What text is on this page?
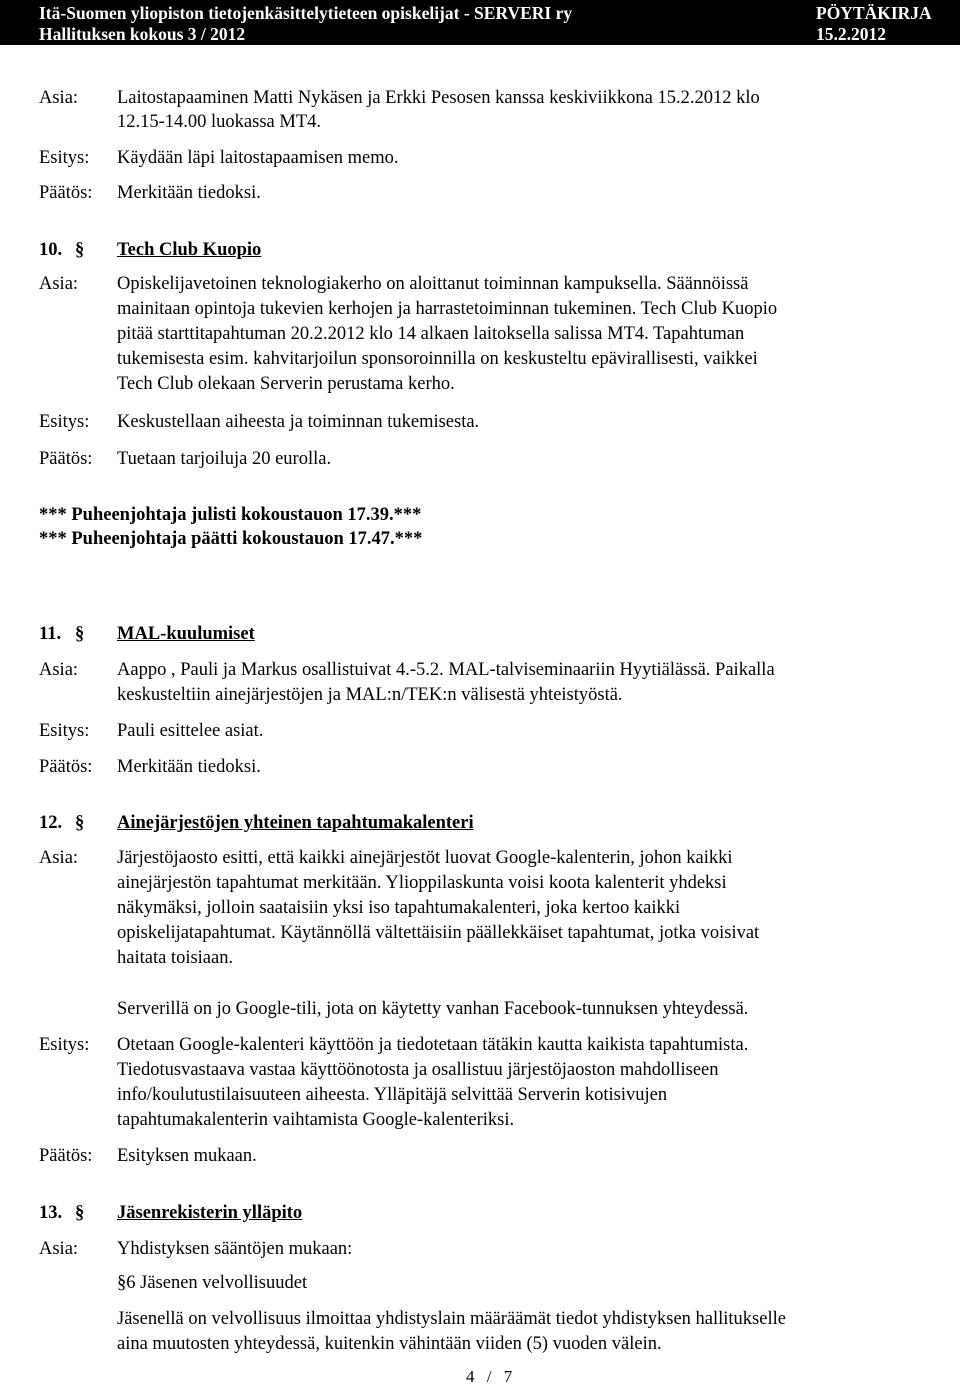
Itä-Suomen yliopiston tietojenkäsittelytieteen opiskelijat - SERVERI ry	PÖYTÄKIRJA
Hallituksen kokous 3 / 2012	15.2.2012
Asia: Laitostapaaminen Matti Nykäsen ja Erkki Pesosen kanssa keskiviikkona 15.2.2012 klo
12.15-14.00 luokassa MT4.
Esitys: Käydään läpi laitostapaamisen memo.
Päätös: Merkitään tiedoksi.
10. § Tech Club Kuopio
Asia: Opiskelijavetoinen teknologiakerho on aloittanut toiminnan kampuksella. Säännöissä
mainitaan opintoja tukevien kerhojen ja harrastetoiminnan tukeminen. Tech Club Kuopio
pitää starttitapahtuman 20.2.2012 klo 14 alkaen laitoksella salissa MT4. Tapahtuman
tukemisesta esim. kahvitarjoilun sponsoroinnilla on keskusteltu epävirallisesti, vaikkei
Tech Club olekaan Serverin perustama kerho.
Esitys: Keskustellaan aiheesta ja toiminnan tukemisesta.
Päätös: Tuetaan tarjoiluja 20 eurolla.
*** Puheenjohtaja julisti kokoustauon 17.39.***
*** Puheenjohtaja päätti kokoustauon 17.47.***
11. § MAL-kuulumiset
Asia: Aappo , Pauli ja Markus osallistuivat 4.-5.2. MAL-talviseminaariin Hyytiälässä. Paikalla
keskusteltiin ainejärjestöjen ja MAL:n/TEK:n välisestä yhteistyöstä.
Esitys: Pauli esittelee asiat.
Päätös: Merkitään tiedoksi.
12. § Ainejärjestöjen yhteinen tapahtumakalenteri
Asia: Järjestöjaosto esitti, että kaikki ainejärjestöt luovat Google-kalenterin, johon kaikki
ainejärjestön tapahtumat merkitään. Ylioppilaskunta voisi koota kalenterit yhdeksi
näkymäksi, jolloin saataisiin yksi iso tapahtumakalenteri, joka kertoo kaikki
opiskelijatapahtumat. Käytännöllä vältettäisiin päällekkäiset tapahtumat, jotka voisivat
haitata toisiaan.
Serverillä on jo Google-tili, jota on käytetty vanhan Facebook-tunnuksen yhteydessä.
Esitys: Otetaan Google-kalenteri käyttöön ja tiedotetaan tätäkin kautta kaikista tapahtumista.
Tiedotusvastaava vastaa käyttöönotosta ja osallistuu järjestöjaoston mahdolliseen
info/koulutustilaisuuteen aiheesta. Ylläpitäjä selvittää Serverin kotisivujen
tapahtumakalenterin vaihtamista Google-kalenteriksi.
Päätös: Esityksen mukaan.
13. § Jäsenrekisterin ylläpito
Asia: Yhdistyksen sääntöjen mukaan:
§6 Jäsenen velvollisuudet
Jäsenellä on velvollisuus ilmoittaa yhdistyslain määräämät tiedot yhdistyksen hallitukselle
aina muutosten yhteydessä, kuitenkin vähintään viiden (5) vuoden välein.
4 / 7
